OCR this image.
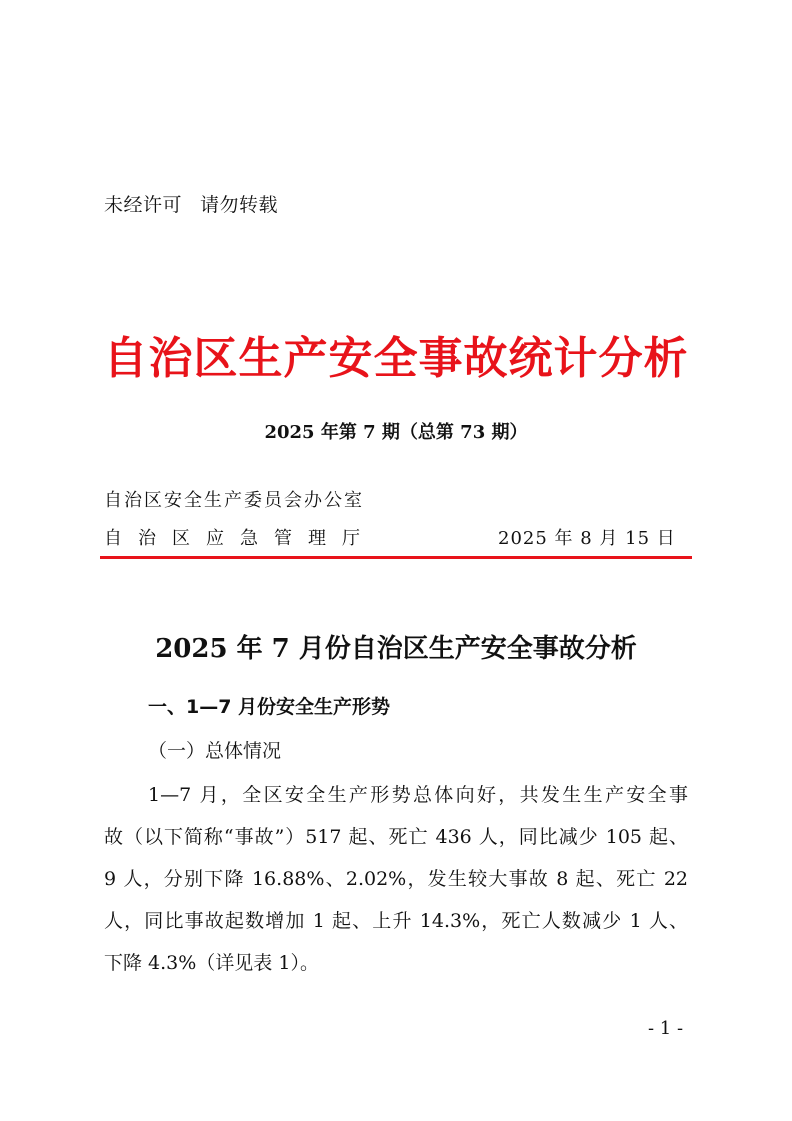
未经许可 请勿转载
自治区生产安全事故统计分析
2025 年第 7 期（总第 73 期）
自治区安全生产委员会办公室
自治区应急管理厅	2025 年 8 月 15 日
2025 年 7 月份自治区生产安全事故分析
一、1—7 月份安全生产形势
（一）总体情况
1—7 月，全区安全生产形势总体向好，共发生生产安全事
故（以下简称“事故”）517 起、死亡 436 人，同比减少 105 起、
9 人，分别下降 16.88%、2.02%，发生较大事故 8 起、死亡 22
人，同比事故起数增加 1 起、上升 14.3%，死亡人数减少 1 人、
下降 4.3%（详见表 1）。
- 1 -
